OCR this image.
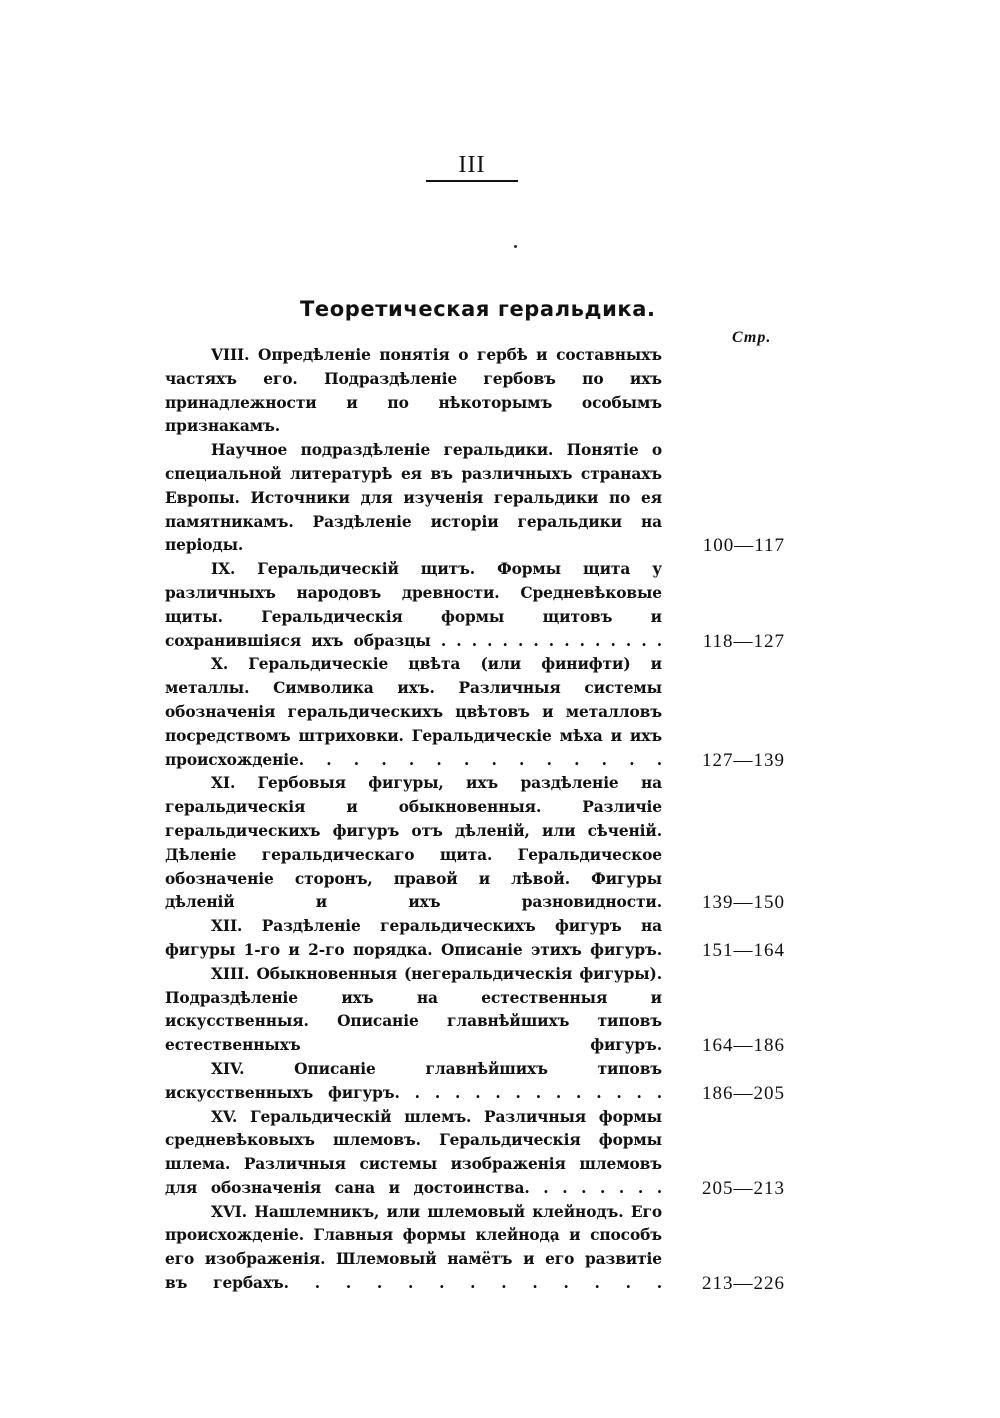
III
Теоретическая геральдика.
Стр.
VIII. Опредѣленіе понятія о гербѣ и составныхъ частяхъ его. Подраздѣленіе гербовъ по ихъ принадлежности и по нѣкоторымъ особымъ признакамъ.
Научное подраздѣленіе геральдики. Понятіе о специальной литературѣ ея въ различныхъ странахъ Европы. Источники для изученія геральдики по ея памятникамъ. Раздѣленіе исторіи геральдики на періоды.	100—117
IX. Геральдическій щитъ. Формы щита у различныхъ народовъ древности. Средневѣковые щиты. Геральдическія формы щитовъ и сохранившіяся ихъ образцы . . . . . . . . . . . . . . . 118—127
X. Геральдическіе цвѣта (или финифти) и металлы. Символика ихъ. Различныя системы обозначенія геральдическихъ цвѣтовъ и металловъ посредствомъ штриховки. Геральдическіе мѣха и ихъ происхожденіе. . . . . . . . . . . . . . 127—139
XI. Гербовыя фигуры, ихъ раздѣленіе на геральдическія и обыкновенныя. Различіе геральдическихъ фигуръ отъ дѣленій, или сѣченій. Дѣленіе геральдическаго щита. Геральдическое обозначеніе сторонъ, правой и лѣвой. Фигуры дѣленій и ихъ разновидности. 139—150
XII. Раздѣленіе геральдическихъ фигуръ на фигуры 1-го и 2-го порядка. Описаніе этихъ фигуръ. 151—164
XIII. Обыкновенныя (негеральдическія фигуры). Подраздѣленіе ихъ на естественныя и искусственныя. Описаніе главнѣйшихъ типовъ естественныхъ фигуръ. 164—186
XIV. Описаніе главнѣйшихъ типовъ искусственныхъ фигуръ. . . . . . . . . . . . . . 186—205
XV. Геральдическій шлемъ. Различныя формы средневѣковыхъ шлемовъ. Геральдическія формы шлема. Различныя системы изображенія шлемовъ для обозначенія сана и достоинства. . . . . . . . 205—213
XVI. Нашлемникъ, или шлемовый клейнодъ. Его происхожденіе. Главныя формы клейнода и способъ его изображенія. Шлемовый намётъ и его развитіе въ гербахъ. . . . . . . . . . . . . 213—226
